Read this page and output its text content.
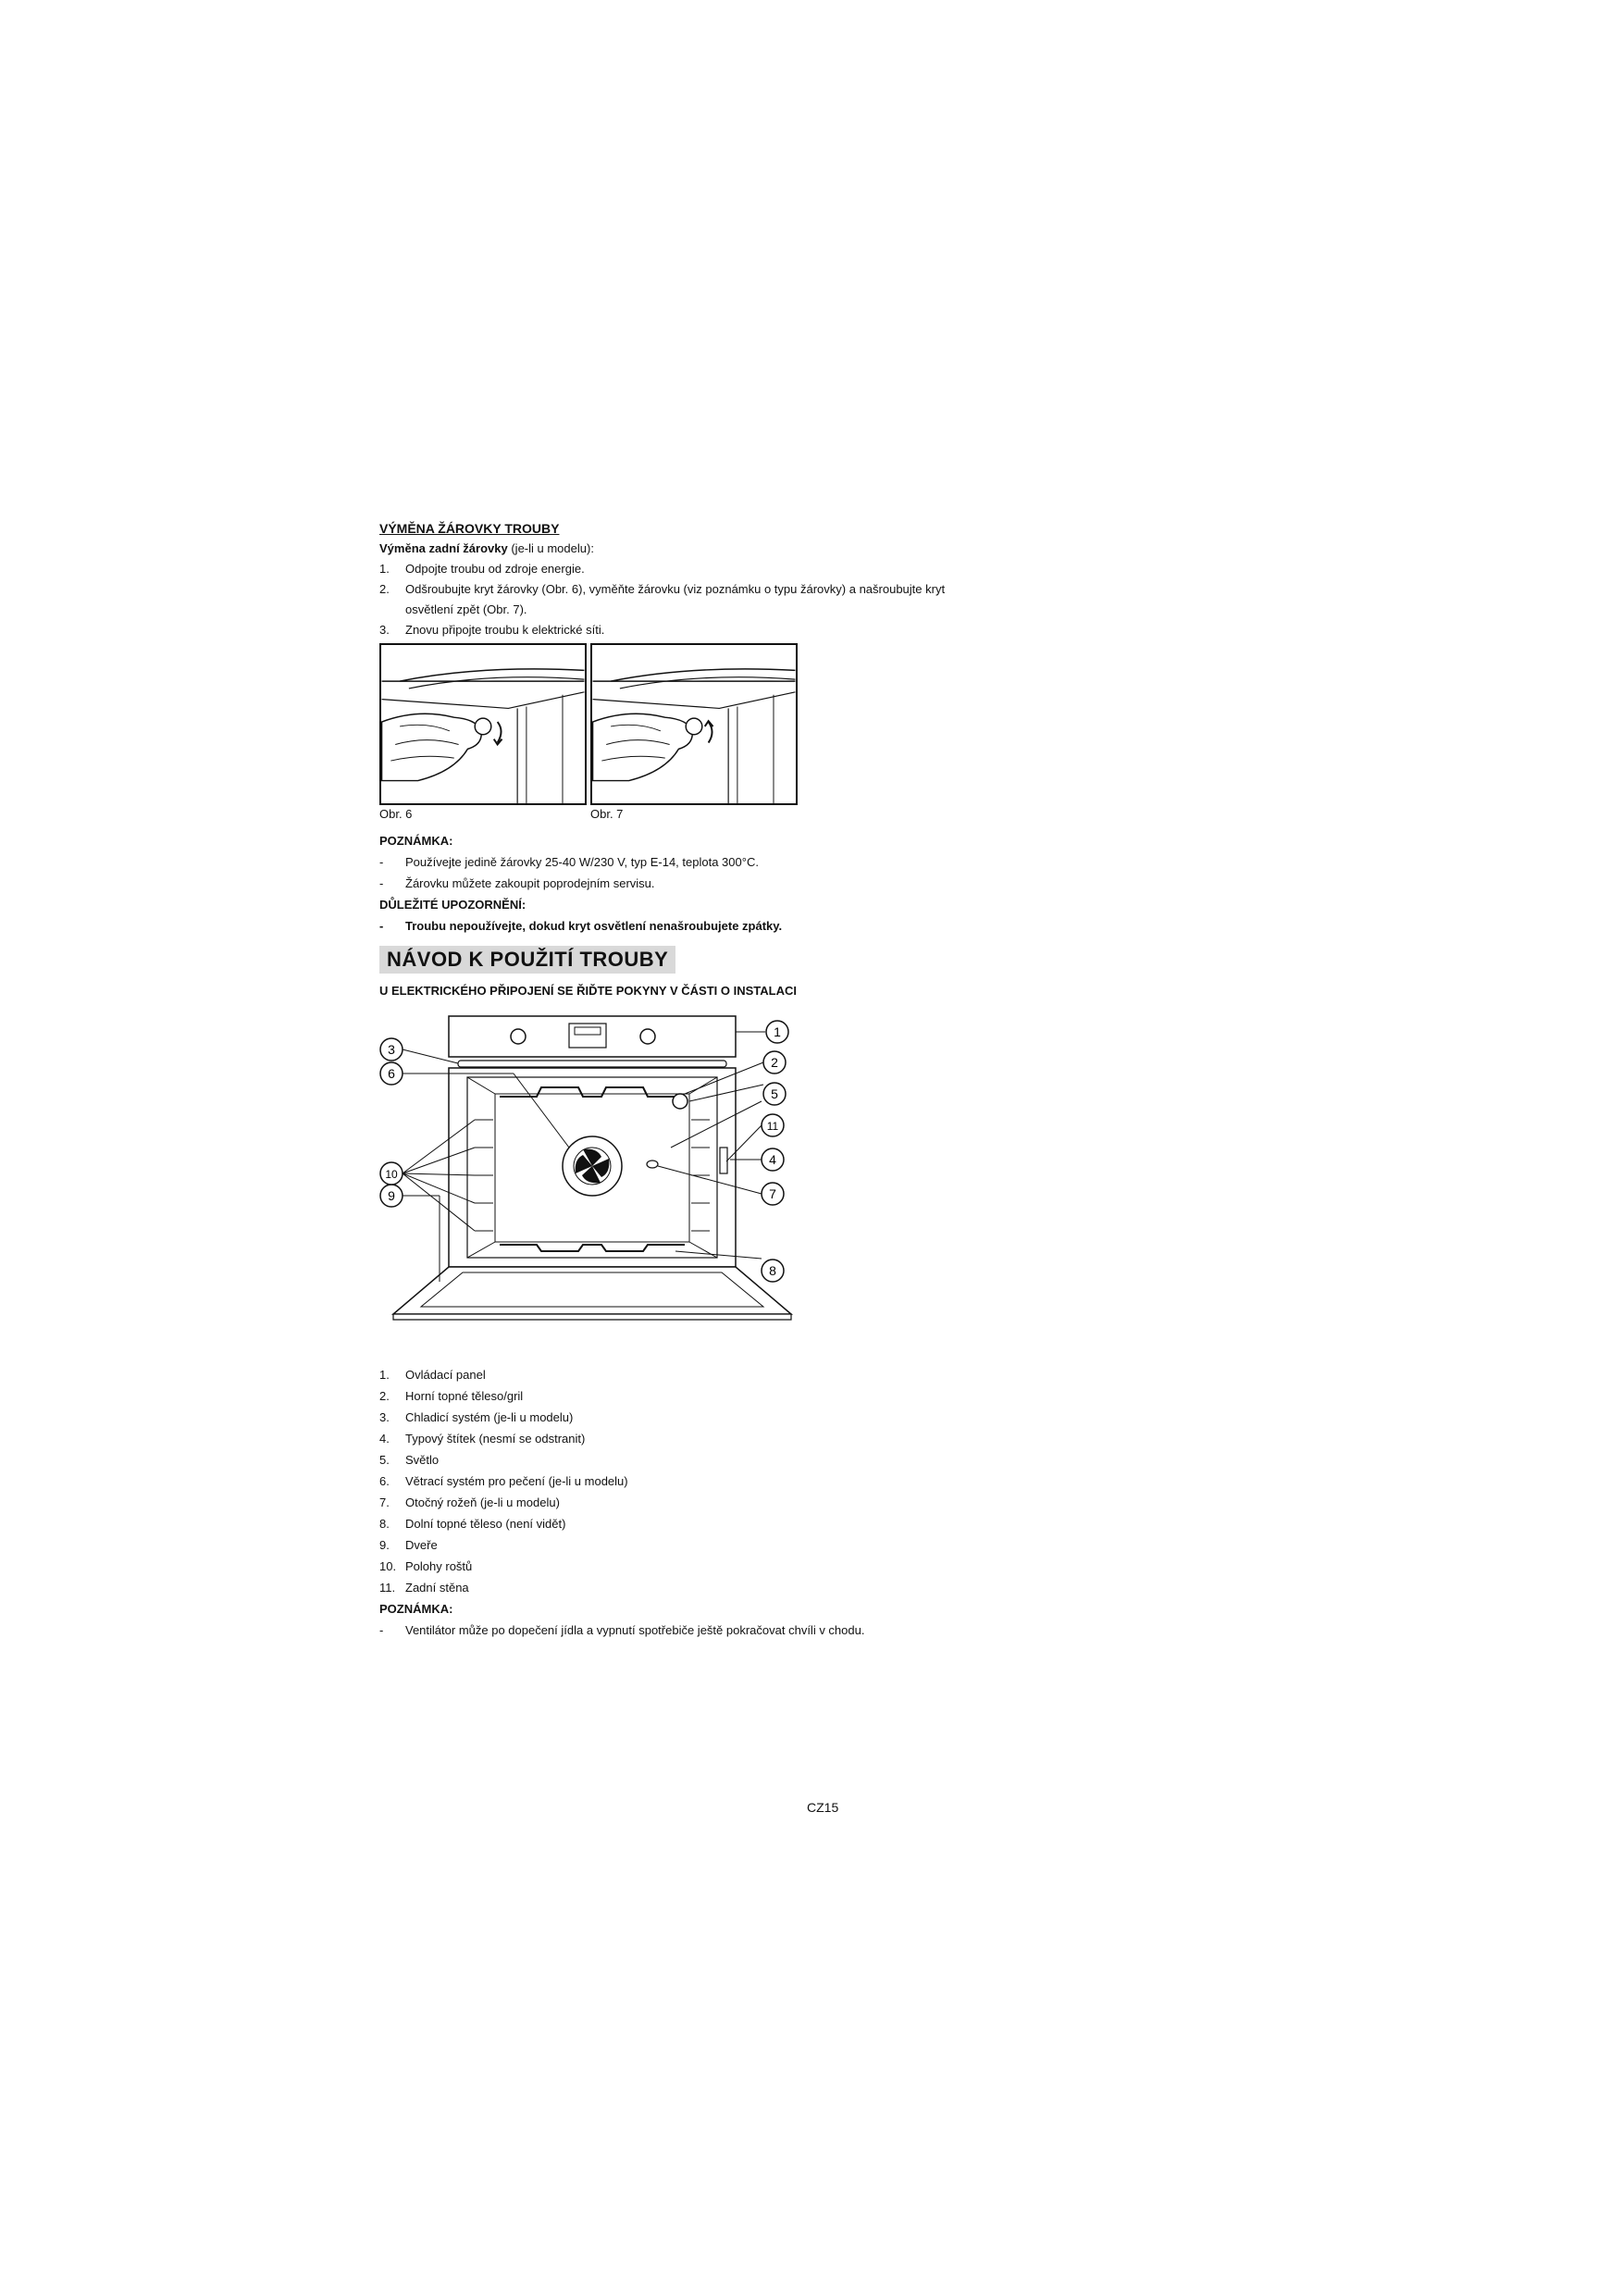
VÝMĚNA ŽÁROVKY TROUBY
Výměna zadní žárovky (je-li u modelu):
1.	Odpojte troubu od zdroje energie.
2.	Odšroubujte kryt žárovky (Obr. 6), vyměňte žárovku (viz poznámku o typu žárovky) a našroubujte kryt osvětlení zpět (Obr. 7).
3.	Znovu připojte troubu k elektrické síti.
Obr. 6	Obr. 7
POZNÁMKA:
-	Používejte jedině žárovky 25-40 W/230 V, typ E-14, teplota 300°C.
-	Žárovku můžete zakoupit poprodejním servisu.
DŮLEŽITÉ UPOZORNĚNÍ:
-	Troubu nepoužívejte, dokud kryt osvětlení nenašroubujete zpátky.
NÁVOD K POUŽITÍ TROUBY
U ELEKTRICKÉHO PŘIPOJENÍ SE ŘIĎTE POKYNY V ČÁSTI O INSTALACI
1
2
3
4
5
6
7
8
9
10
11
1.	Ovládací panel
2.	Horní topné těleso/gril
3.	Chladicí systém (je-li u modelu)
4.	Typový štítek (nesmí se odstranit)
5.	Světlo
6.	Větrací systém pro pečení (je-li u modelu)
7.	Otočný rožeň (je-li u modelu)
8.	Dolní topné těleso (není vidět)
9.	Dveře
10. Polohy roštů
11. Zadní stěna
POZNÁMKA:
-	Ventilátor může po dopečení jídla a vypnutí spotřebiče ještě pokračovat chvíli v chodu.
CZ15
